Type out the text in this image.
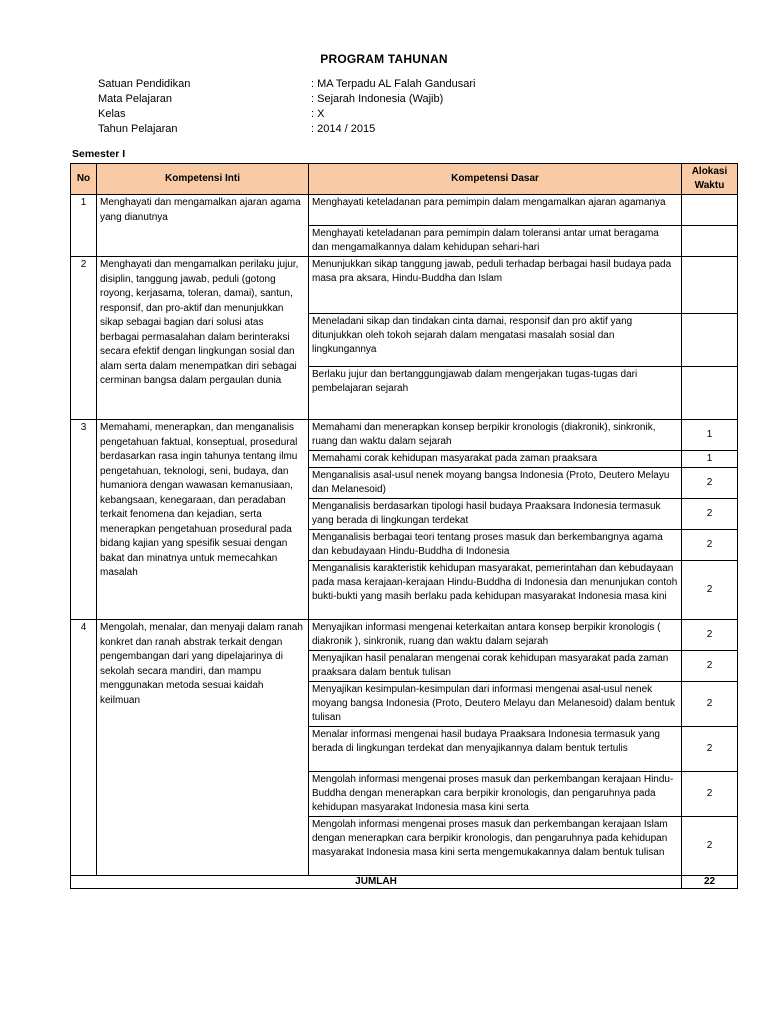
PROGRAM TAHUNAN
Satuan Pendidikan	: MA Terpadu AL Falah Gandusari
Mata Pelajaran	: Sejarah Indonesia (Wajib)
Kelas	: X
Tahun Pelajaran	: 2014 / 2015
Semester I
No	Kompetensi Inti	Kompetensi Dasar	Alokasi
Waktu
1	Menghayati dan mengamalkan ajaran agama yang dianutnya	Menghayati keteladanan para pemimpin dalam mengamalkan ajaran agamanya	
		Menghayati keteladanan para pemimpin dalam toleransi antar umat beragama dan mengamalkannya dalam kehidupan sehari-hari	
2	Menghayati dan mengamalkan perilaku jujur, disiplin, tanggung jawab, peduli (gotong royong, kerjasama, toleran, damai), santun, responsif, dan pro-aktif dan menunjukkan sikap sebagai bagian dari solusi atas berbagai permasalahan dalam berinteraksi secara efektif dengan lingkungan sosial dan alam serta dalam menempatkan diri sebagai cerminan bangsa dalam pergaulan dunia	Menunjukkan sikap tanggung jawab, peduli terhadap berbagai hasil budaya pada masa pra aksara, Hindu-Buddha dan Islam	
		Meneladani sikap dan tindakan cinta damai, responsif dan pro aktif yang ditunjukkan oleh tokoh sejarah dalam mengatasi masalah sosial dan lingkungannya	
		Berlaku jujur dan bertanggungjawab dalam mengerjakan tugas-tugas dari pembelajaran sejarah	
3	Memahami, menerapkan, dan menganalisis pengetahuan faktual, konseptual, prosedural berdasarkan rasa ingin tahunya tentang ilmu pengetahuan, teknologi, seni, budaya, dan humaniora dengan wawasan kemanusiaan, kebangsaan, kenegaraan, dan peradaban terkait fenomena dan kejadian, serta menerapkan pengetahuan prosedural pada bidang kajian yang spesifik sesuai dengan bakat dan minatnya untuk memecahkan masalah	Memahami dan menerapkan konsep berpikir kronologis (diakronik), sinkronik, ruang dan waktu dalam sejarah	1
		Memahami corak kehidupan masyarakat pada zaman praaksara	1
		Menganalisis asal-usul nenek moyang bangsa Indonesia (Proto, Deutero Melayu dan Melanesoid)	2
		Menganalisis berdasarkan tipologi hasil budaya Praaksara Indonesia termasuk yang berada di lingkungan terdekat	2
		Menganalisis berbagai teori tentang proses masuk dan berkembangnya agama dan kebudayaan Hindu-Buddha di Indonesia	2
		Menganalisis karakteristik kehidupan masyarakat, pemerintahan dan kebudayaan pada masa kerajaan-kerajaan Hindu-Buddha di Indonesia dan menunjukan contoh bukti-bukti yang masih berlaku pada kehidupan masyarakat Indonesia masa kini	2
4	Mengolah, menalar, dan menyaji dalam ranah konkret dan ranah abstrak terkait dengan pengembangan dari yang dipelajarinya di sekolah secara mandiri, dan mampu menggunakan metoda sesuai kaidah keilmuan	Menyajikan informasi mengenai keterkaitan antara konsep berpikir kronologis ( diakronik ), sinkronik, ruang dan waktu dalam sejarah	2
		Menyajikan hasil penalaran mengenai corak kehidupan masyarakat pada zaman praaksara dalam bentuk tulisan	2
		Menyajikan kesimpulan-kesimpulan dari informasi mengenai asal-usul nenek moyang bangsa Indonesia (Proto, Deutero Melayu dan Melanesoid) dalam bentuk tulisan	2
		Menalar informasi mengenai hasil budaya Praaksara Indonesia termasuk yang berada di lingkungan terdekat dan menyajikannya dalam bentuk tertulis	2
		Mengolah informasi mengenai proses masuk dan perkembangan kerajaan Hindu-Buddha dengan menerapkan cara berpikir kronologis, dan pengaruhnya pada kehidupan masyarakat Indonesia masa kini serta	2
		Mengolah informasi mengenai proses masuk dan perkembangan kerajaan Islam dengan menerapkan cara berpikir kronologis, dan pengaruhnya pada kehidupan masyarakat Indonesia masa kini serta mengemukakannya dalam bentuk tulisan	2
JUMLAH			22
